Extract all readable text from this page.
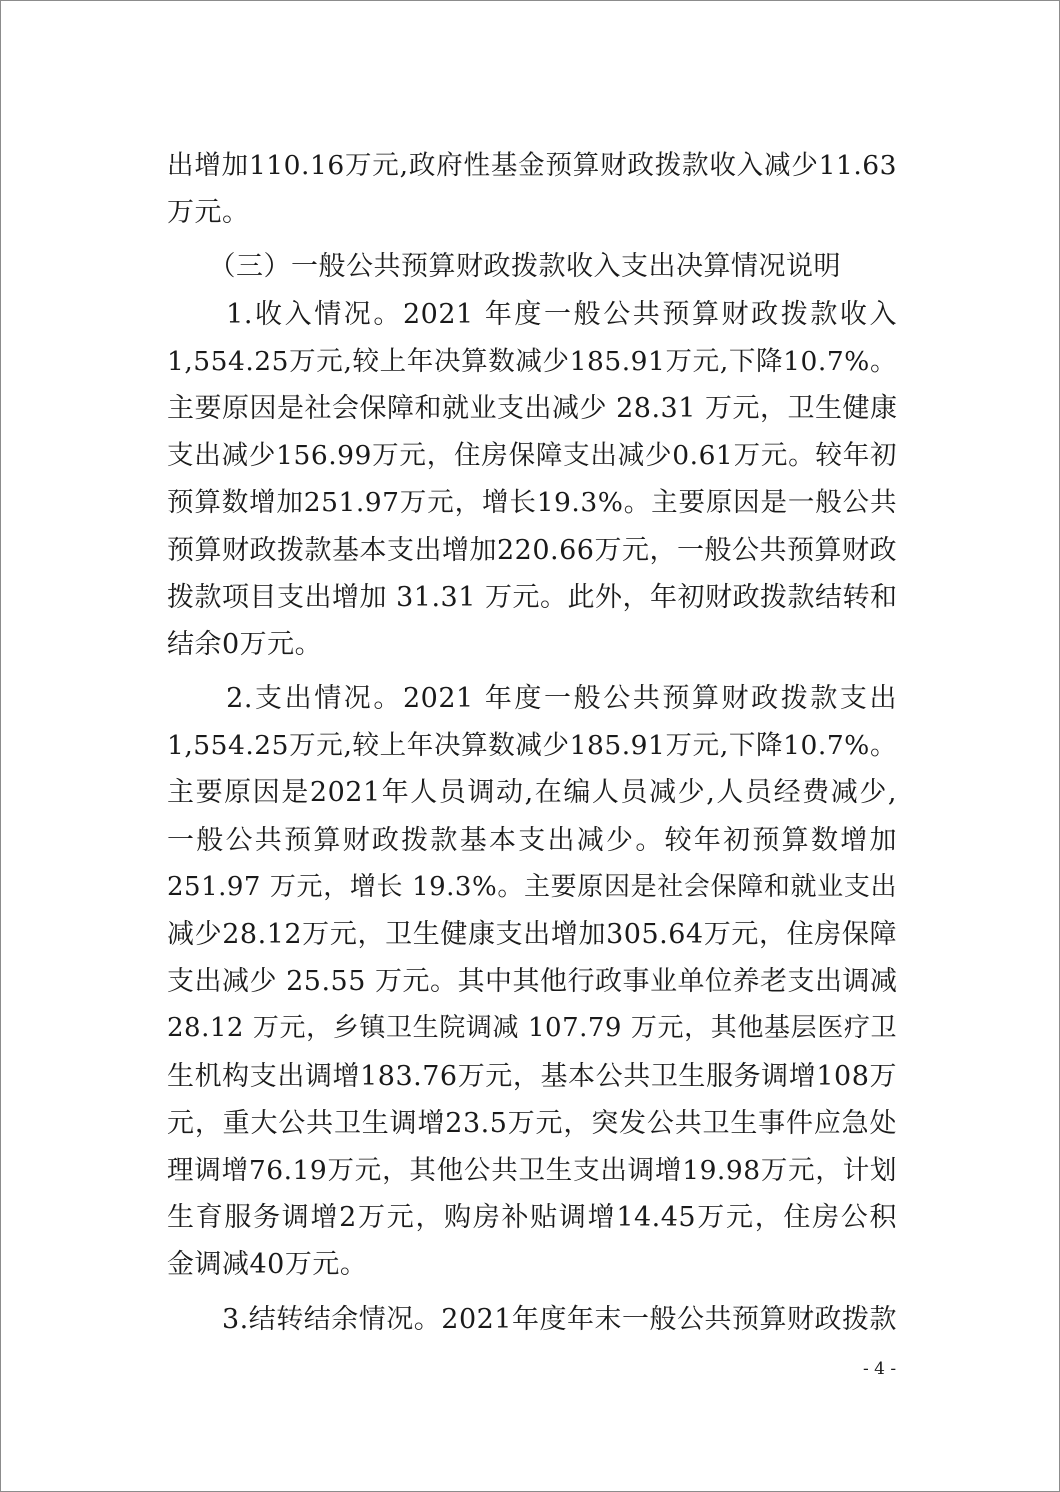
出增加110.16万元,政府性基金预算财政拨款收入减少11.63
万元。
　　（三）一般公共预算财政拨款收入支出决算情况说明
　　1.收入情况。2021 年度一般公共预算财政拨款收入
1,554.25万元,较上年决算数减少185.91万元,下降10.7%。
主要原因是社会保障和就业支出减少 28.31 万元，卫生健康
支出减少156.99万元，住房保障支出减少0.61万元。较年初
预算数增加251.97万元，增长19.3%。主要原因是一般公共
预算财政拨款基本支出增加220.66万元，一般公共预算财政
拨款项目支出增加 31.31 万元。此外，年初财政拨款结转和
结余0万元。
　　2.支出情况。2021 年度一般公共预算财政拨款支出
1,554.25万元,较上年决算数减少185.91万元,下降10.7%。
主要原因是2021年人员调动,在编人员减少,人员经费减少,
一般公共预算财政拨款基本支出减少。较年初预算数增加
251.97 万元，增长 19.3%。主要原因是社会保障和就业支出
减少28.12万元，卫生健康支出增加305.64万元，住房保障
支出减少 25.55 万元。其中其他行政事业单位养老支出调减
28.12 万元，乡镇卫生院调减 107.79 万元，其他基层医疗卫
生机构支出调增183.76万元，基本公共卫生服务调增108万
元，重大公共卫生调增23.5万元，突发公共卫生事件应急处
理调增76.19万元，其他公共卫生支出调增19.98万元，计划
生育服务调增2万元，购房补贴调增14.45万元，住房公积
金调减40万元。
　　3.结转结余情况。2021年度年末一般公共预算财政拨款
- 4 -
